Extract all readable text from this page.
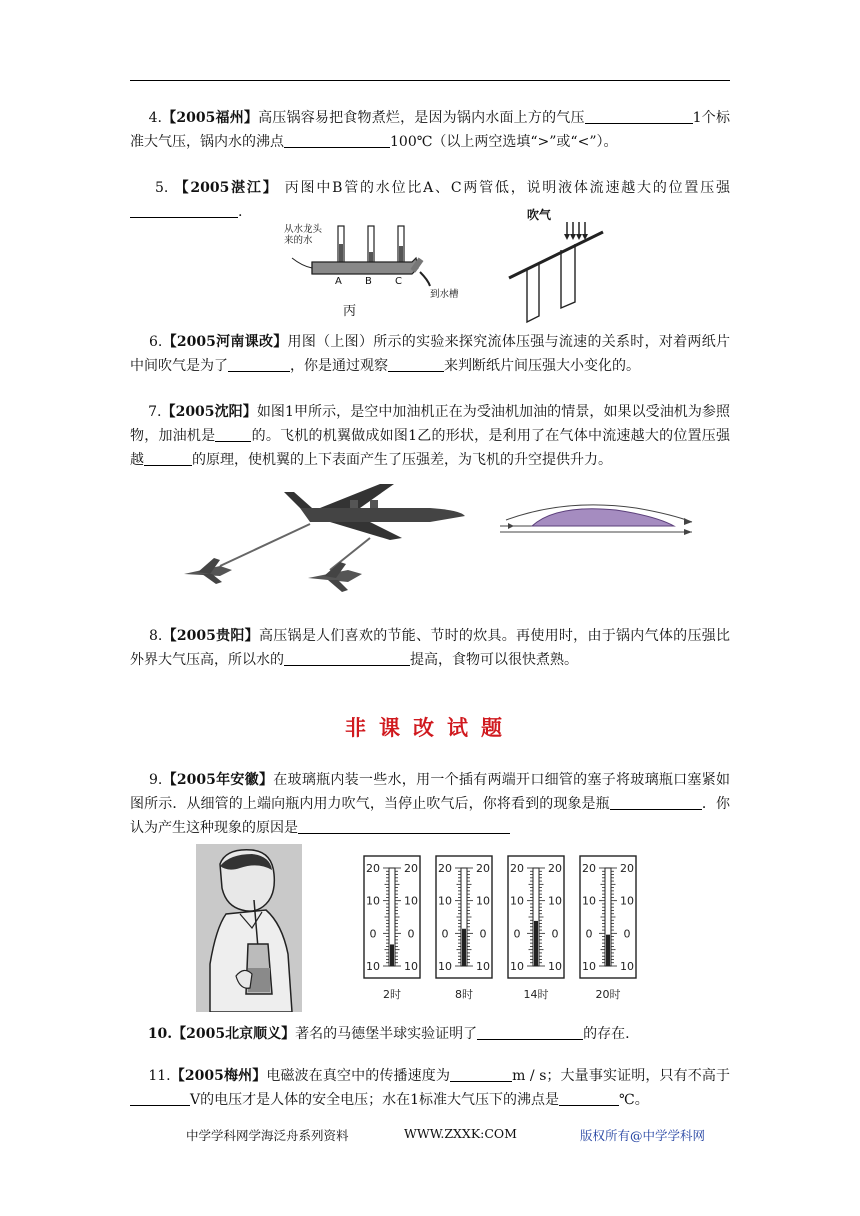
4.【2005福州】高压锅容易把食物煮烂，是因为锅内水面上方的气压	1个标准大气压，锅内水的沸点	100℃（以上两空选填“>”或“<”）。
5. 【2005湛江】 丙图中B管的水位比A、C两管低，说明液体流速越大的位置压强.
从水龙头来的水
A B C
到水槽
丙
吹气
6.【2005河南课改】用图（上图）所示的实验来探究流体压强与流速的关系时，对着两纸片中间吹气是为了	，你是通过观察	来判断纸片间压强大小变化的。
7.【2005沈阳】如图1甲所示，是空中加油机正在为受油机加油的情景，如果以受油机为参照物，加油机是	的。飞机的机翼做成如图1乙的形状，是利用了在气体中流速越大的位置压强越	的原理，使机翼的上下表面产生了压强差，为飞机的升空提供升力。
8.【2005贵阳】高压锅是人们喜欢的节能、节时的炊具。再使用时，由于锅内气体的压强比外界大气压高，所以水的	提高，食物可以很快煮熟。
非课改试题
9.【2005年安徽】在玻璃瓶内装一些水，用一个插有两端开口细管的塞子将玻璃瓶口塞紧如图所示．从细管的上端向瓶内用力吹气，当停止吹气后，你将看到的现象是瓶	．你认为产生这种现象的原因是
20 20
10 10
0	0
10 10
2时
20 20
10 10
0	0
10 10
8时
20 20
10 10
0	0
10 10
14时
20 20
10 10
0	0
10 10
20时
10.【2005北京顺义】著名的马德堡半球实验证明了	的存在.
11.【2005梅州】电磁波在真空中的传播速度为	m / s；大量事实证明，只有不高于V的电压才是人体的安全电压；水在1标准大气压下的沸点是	℃。
中学学科网学海泛舟系列资料	WWW.ZXXK:COM	版权所有@中学学科网
